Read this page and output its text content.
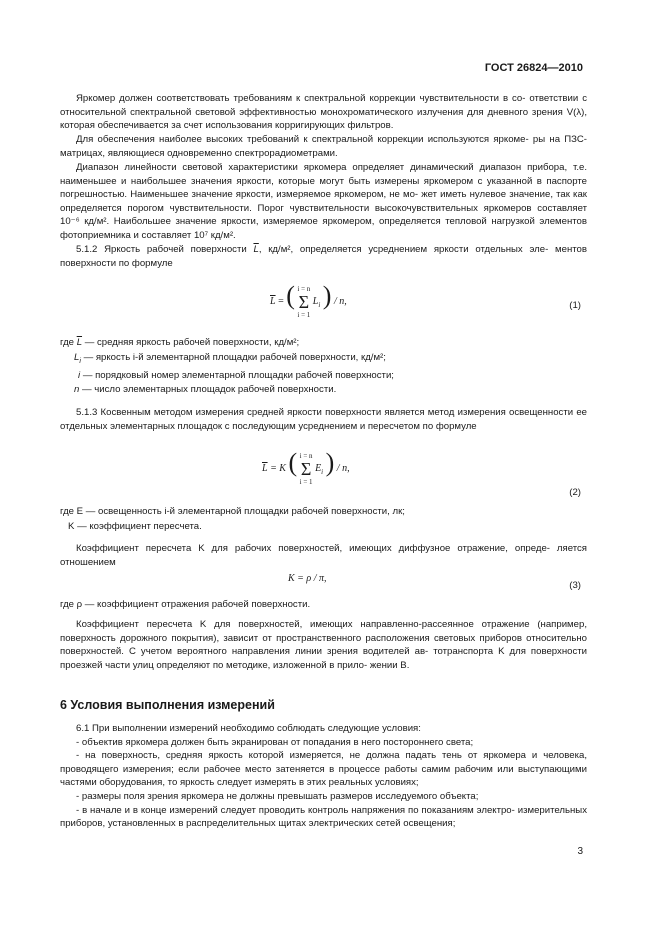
ГОСТ 26824—2010
Яркомер должен соответствовать требованиям к спектральной коррекции чувствительности в со- ответствии с относительной спектральной световой эффективностью монохроматического излучения для дневного зрения V(λ), которая обеспечивается за счет использования корригирующих фильтров.
Для обеспечения наиболее высоких требований к спектральной коррекции используются яркоме- ры на ПЗС-матрицах, являющиеся одновременно спектрорадиометрами.
Диапазон линейности световой характеристики яркомера определяет динамический диапазон прибора, т.е. наименьшее и наибольшее значения яркости, которые могут быть измерены яркомером с указанной в паспорте погрешностью. Наименьшее значение яркости, измеряемое яркомером, не мо- жет иметь нулевое значение, так как определяется порогом чувствительности. Порог чувствительности высокочувствительных яркомеров составляет 10⁻⁶ кд/м². Наибольшее значение яркости, измеряемое яркомером, определяется тепловой нагрузкой элементов фотоприемника и составляет 10⁷ кд/м².
5.1.2 Яркость рабочей поверхности $\overline{L}$, кд/м², определяется усреднением яркости отдельных эле- ментов поверхности по формуле
$\overline{L}$ = ( i = n
Σ
i = 1
$L_i$ ) / n,	(1)
где $\overline{L}$ — средняя яркость рабочей поверхности, кд/м²;
$L_i$ — яркость i-й элементарной площадки рабочей поверхности, кд/м²;
i — порядковый номер элементарной площадки рабочей поверхности;
n — число элементарных площадок рабочей поверхности.
5.1.3 Косвенным методом измерения средней яркости поверхности является метод измерения освещенности ее отдельных элементарных площадок с последующим усреднением и пересчетом по формуле
$\overline{L} = K$ ( i = n
Σ
i = 1
$E_i$ ) / n,
(2)
где E — освещенность i-й элементарной площадки рабочей поверхности, лк;
K — коэффициент пересчета.
Коэффициент пересчета K для рабочих поверхностей, имеющих диффузное отражение, опреде- ляется отношением
K = ρ / π,
(3)
где ρ — коэффициент отражения рабочей поверхности.
Коэффициент пересчета K для поверхностей, имеющих направленно-рассеянное отражение (например, поверхность дорожного покрытия), зависит от пространственного расположения световых приборов относительно поверхностей. С учетом вероятного направления линии зрения водителей ав- тотранспорта K для поверхности проезжей части улиц определяют по методике, изложенной в прило- жении В.
6 Условия выполнения измерений
6.1 При выполнении измерений необходимо соблюдать следующие условия:
- объектив яркомера должен быть экранирован от попадания в него постороннего света;
- на поверхность, средняя яркость которой измеряется, не должна падать тень от яркомера и человека, проводящего измерения; если рабочее место затеняется в процессе работы самим рабочим или выступающими частями оборудования, то яркость следует измерять в этих реальных условиях;
- размеры поля зрения яркомера не должны превышать размеров исследуемого объекта;
- в начале и в конце измерений следует проводить контроль напряжения по показаниям электро- измерительных приборов, установленных в распределительных щитах электрических сетей освещения;
3
